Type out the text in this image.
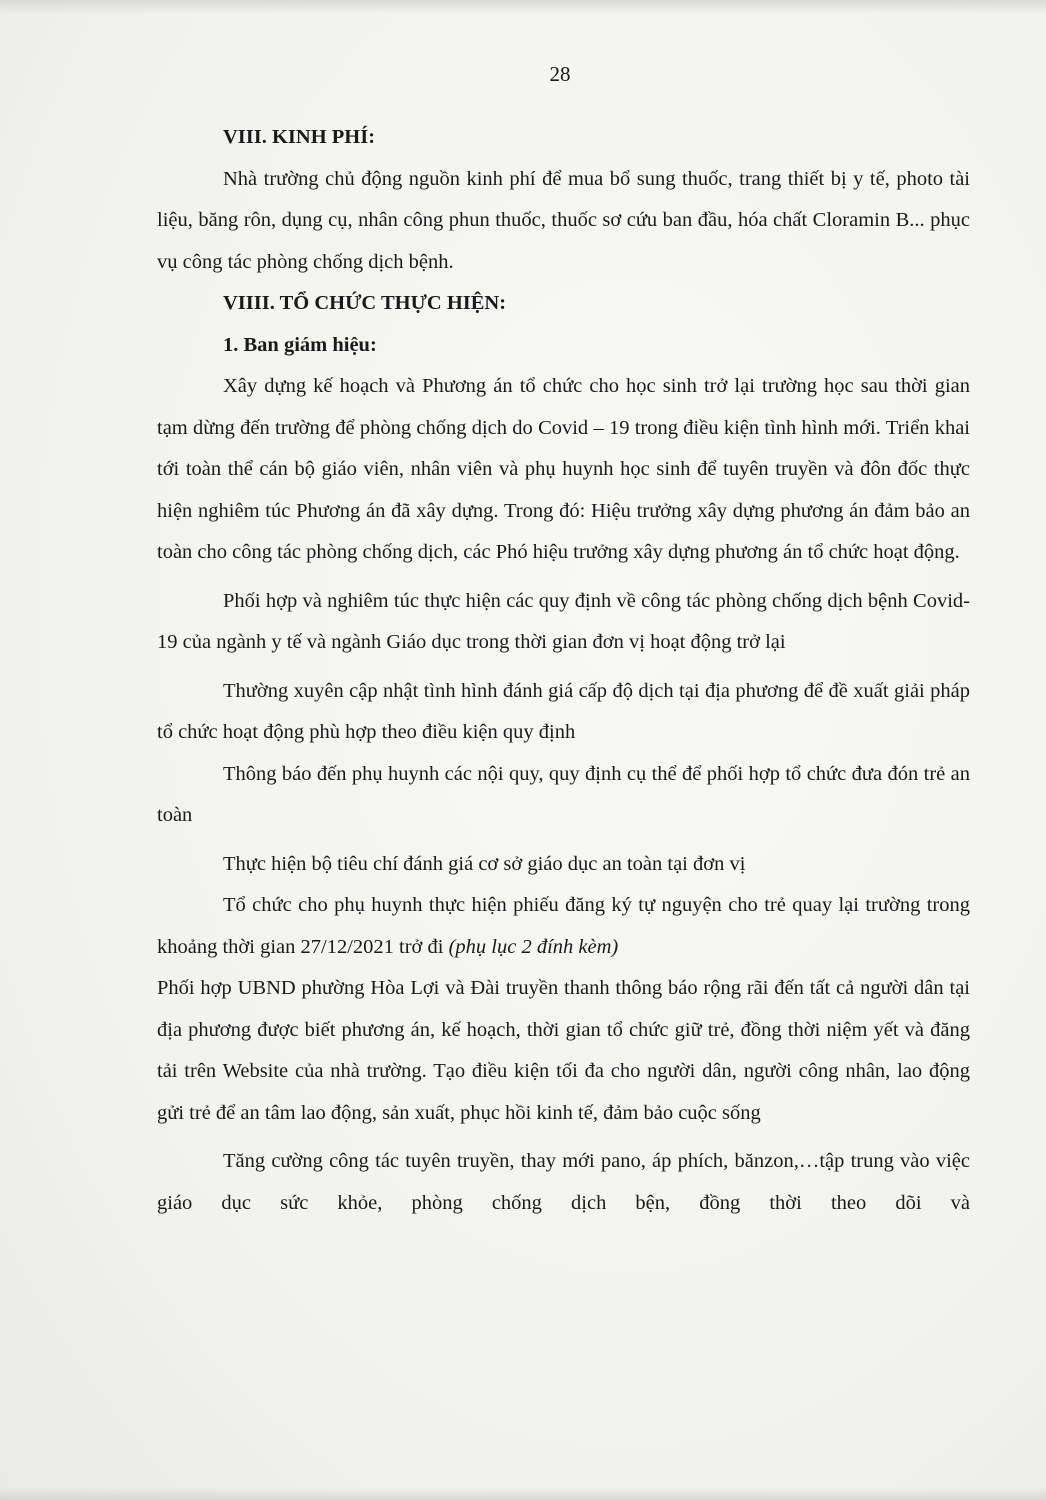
28

VIII. KINH PHÍ:

Nhà trường chủ động nguồn kinh phí để mua bổ sung thuốc, trang thiết bị y tế, photo tài liệu, băng rôn, dụng cụ, nhân công phun thuốc, thuốc sơ cứu ban đầu, hóa chất Cloramin B... phục vụ công tác phòng chống dịch bệnh.

VIIII. TỔ CHỨC THỰC HIỆN:

1. Ban giám hiệu:

Xây dựng kế hoạch và Phương án tổ chức cho học sinh trở lại trường học sau thời gian tạm dừng đến trường để phòng chống dịch do Covid – 19 trong điều kiện tình hình mới. Triển khai tới toàn thể cán bộ giáo viên, nhân viên và phụ huynh học sinh để tuyên truyền và đôn đốc thực hiện nghiêm túc Phương án đã xây dựng. Trong đó: Hiệu trưởng xây dựng phương án đảm bảo an toàn cho công tác phòng chống dịch, các Phó hiệu trưởng xây dựng phương án tổ chức hoạt động.

Phối hợp và nghiêm túc thực hiện các quy định về công tác phòng chống dịch bệnh Covid-19 của ngành y tế và ngành Giáo dục trong thời gian đơn vị hoạt động trở lại

Thường xuyên cập nhật tình hình đánh giá cấp độ dịch tại địa phương để đề xuất giải pháp tổ chức hoạt động phù hợp theo điều kiện quy định

Thông báo đến phụ huynh các nội quy, quy định cụ thể để phối hợp tổ chức đưa đón trẻ an toàn

Thực hiện bộ tiêu chí đánh giá cơ sở giáo dục an toàn tại đơn vị

Tổ chức cho phụ huynh thực hiện phiếu đăng ký tự nguyện cho trẻ quay lại trường trong khoảng thời gian 27/12/2021 trở đi (phụ lục 2 đính kèm)

Phối hợp UBND phường Hòa Lợi và Đài truyền thanh thông báo rộng rãi đến tất cả người dân tại địa phương được biết phương án, kế hoạch, thời gian tổ chức giữ trẻ, đồng thời niệm yết và đăng tải trên Website của nhà trường. Tạo điều kiện tối đa cho người dân, người công nhân, lao động gửi trẻ để an tâm lao động, sản xuất, phục hồi kinh tế, đảm bảo cuộc sống

Tăng cường công tác tuyên truyền, thay mới pano, áp phích, bănzon,…tập trung vào việc giáo dục sức khỏe, phòng chống dịch bện, đồng thời theo dõi và
